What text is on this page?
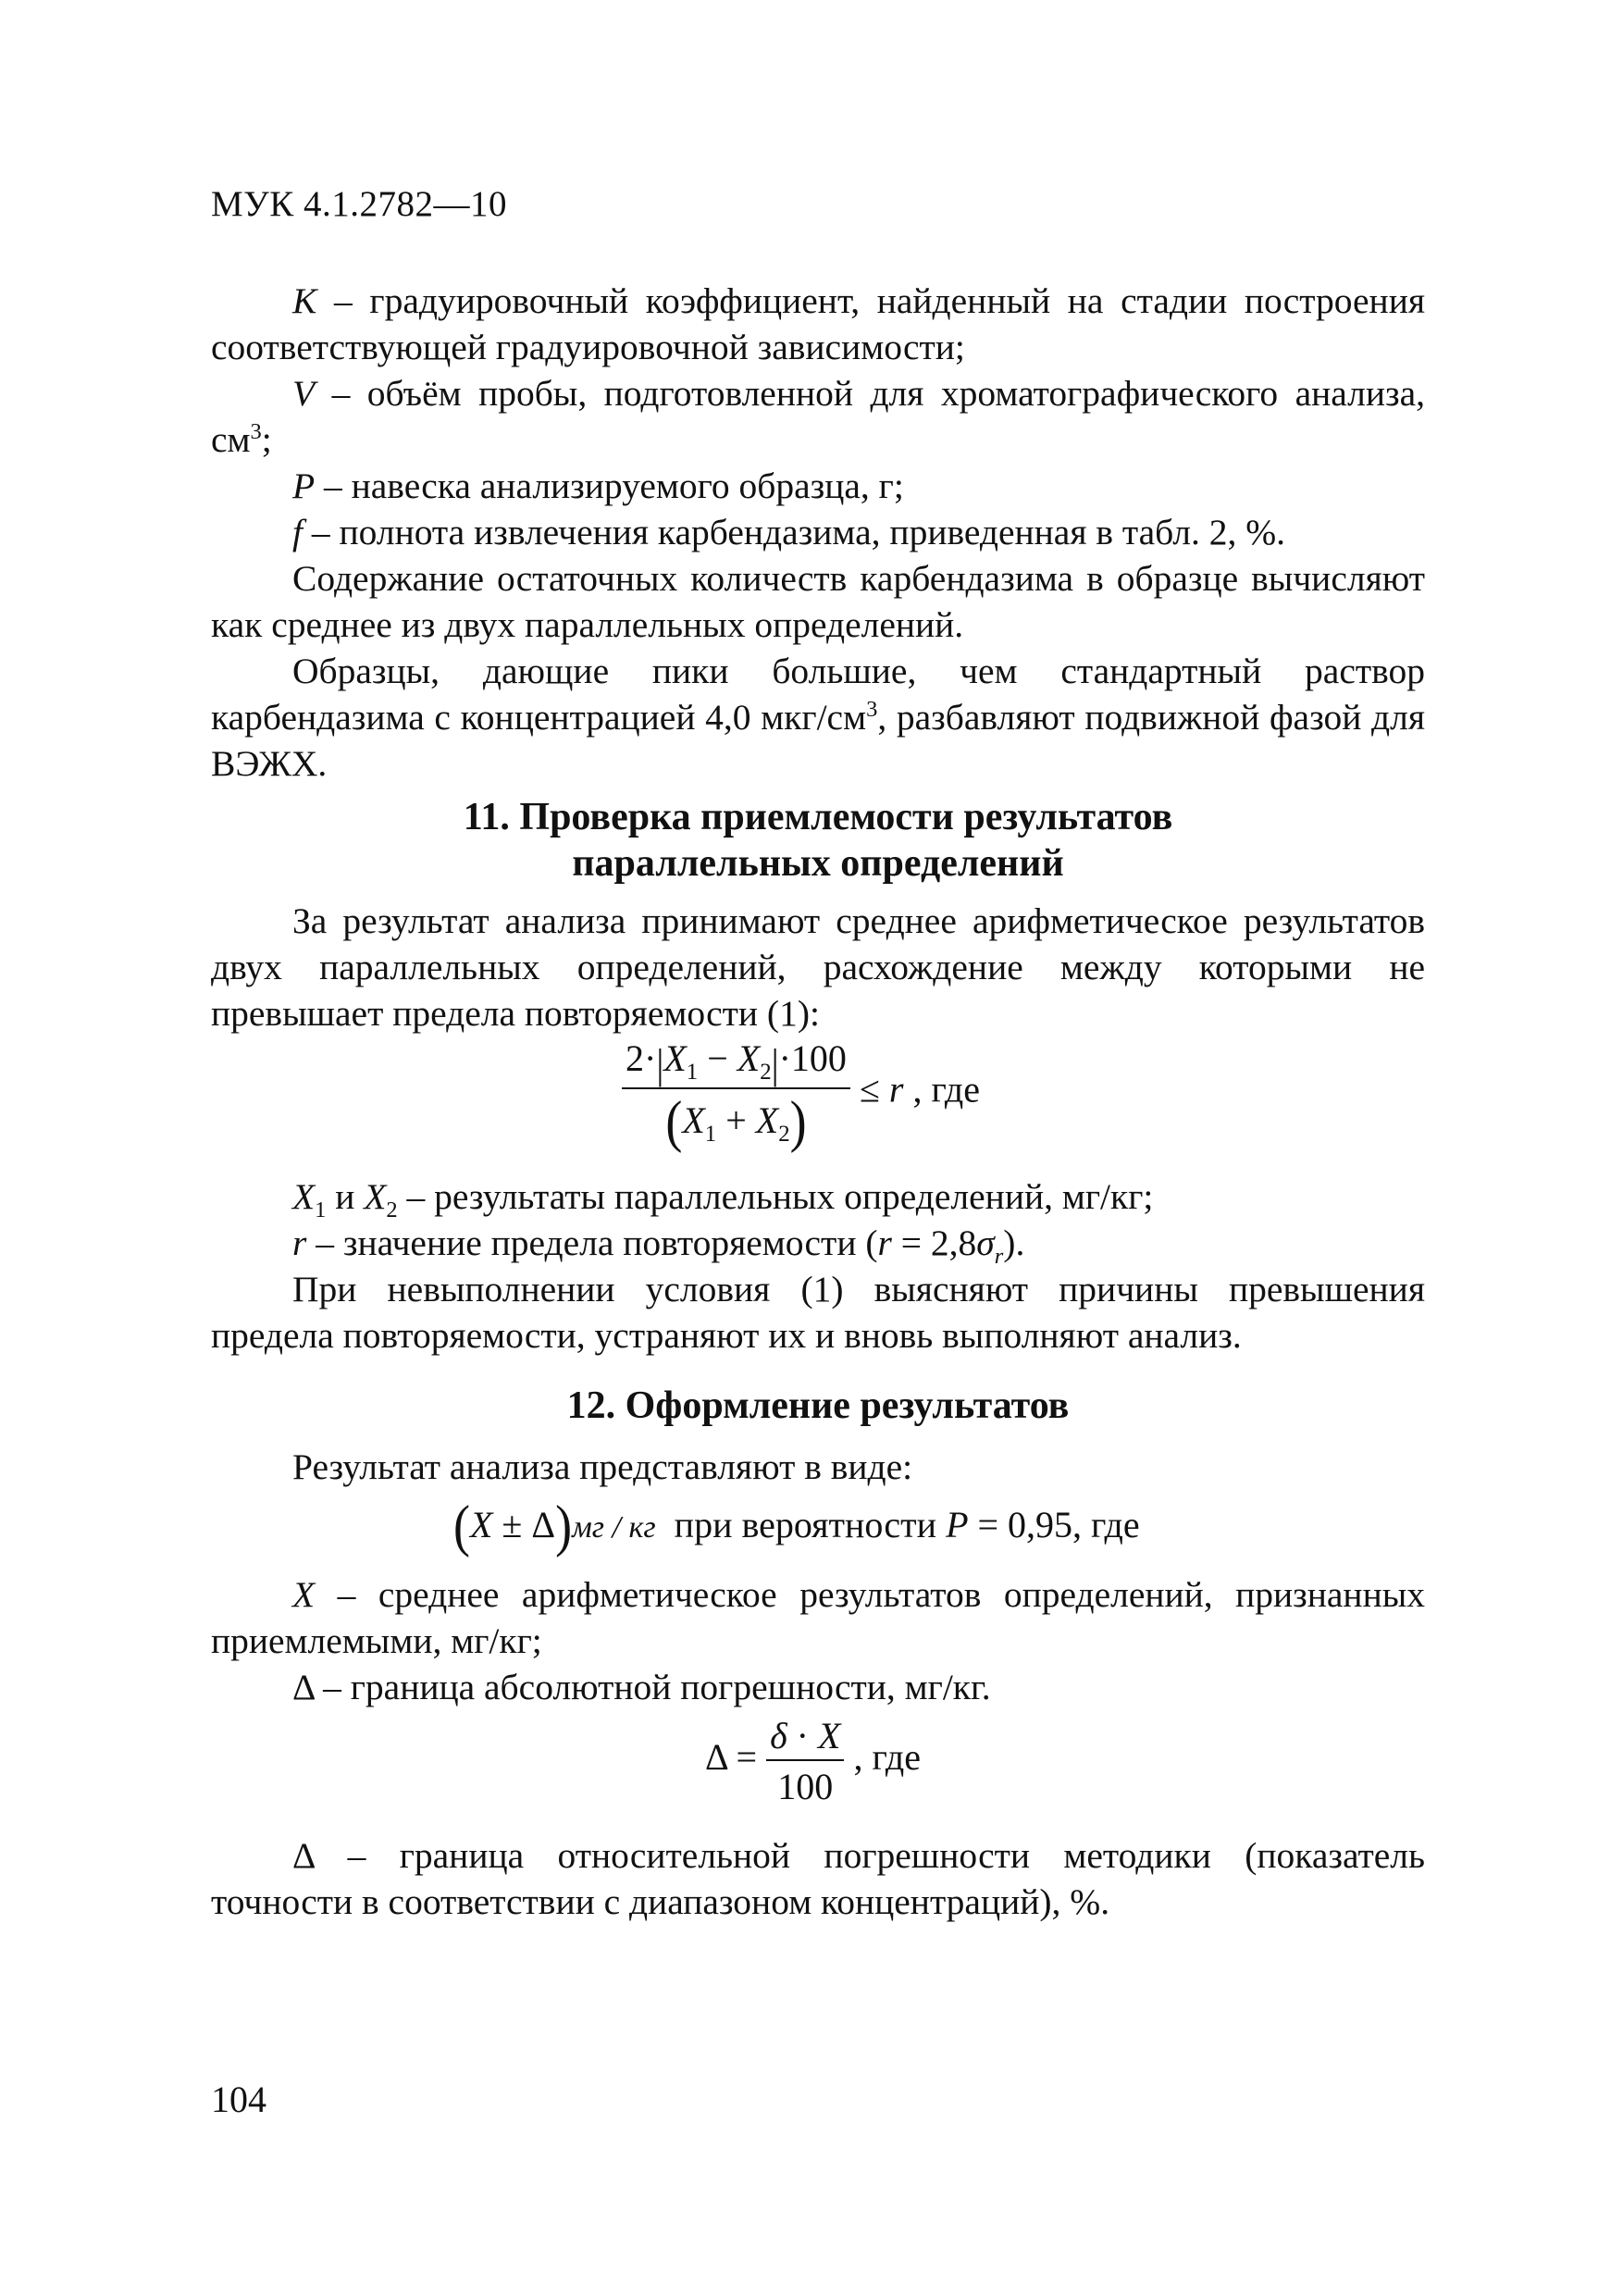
МУК 4.1.2782—10

K – градуировочный коэффициент, найденный на стадии построения соответствующей градуировочной зависимости;

V – объём пробы, подготовленной для хроматографического анализа, $см^3$;

P – навеска анализируемого образца, г;

f – полнота извлечения карбендазима, приведенная в табл. 2, %.

Содержание остаточных количеств карбендазима в образце вычисляют как среднее из двух параллельных определений.

Образцы, дающие пики большие, чем стандартный раствор карбендазима с концентрацией 4,0 мкг/$см^3$, разбавляют подвижной фазой для ВЭЖХ.

11. Проверка приемлемости результатов
параллельных определений

За результат анализа принимают среднее арифметическое результатов двух параллельных определений, расхождение между которыми не превышает предела повторяемости (1):

$\frac{2\cdot|X_1 - X_2|\cdot 100}{(X_1 + X_2)} \le r$ , где

$X_1$ и $X_2$ – результаты параллельных определений, мг/кг;

r – значение предела повторяемости $(r = 2,8\sigma_r)$.

При невыполнении условия (1) выясняют причины превышения предела повторяемости, устраняют их и вновь выполняют анализ.

12. Оформление результатов

Результат анализа представляют в виде:

(X ± Δ)мг / кг при вероятности P = 0,95, где

X – среднее арифметическое результатов определений, признанных приемлемыми, мг/кг;

Δ – граница абсолютной погрешности, мг/кг.

$\Delta = \frac{\delta \cdot X}{100}$ , где

Δ – граница относительной погрешности методики (показатель точности в соответствии с диапазоном концентраций), %.

104
